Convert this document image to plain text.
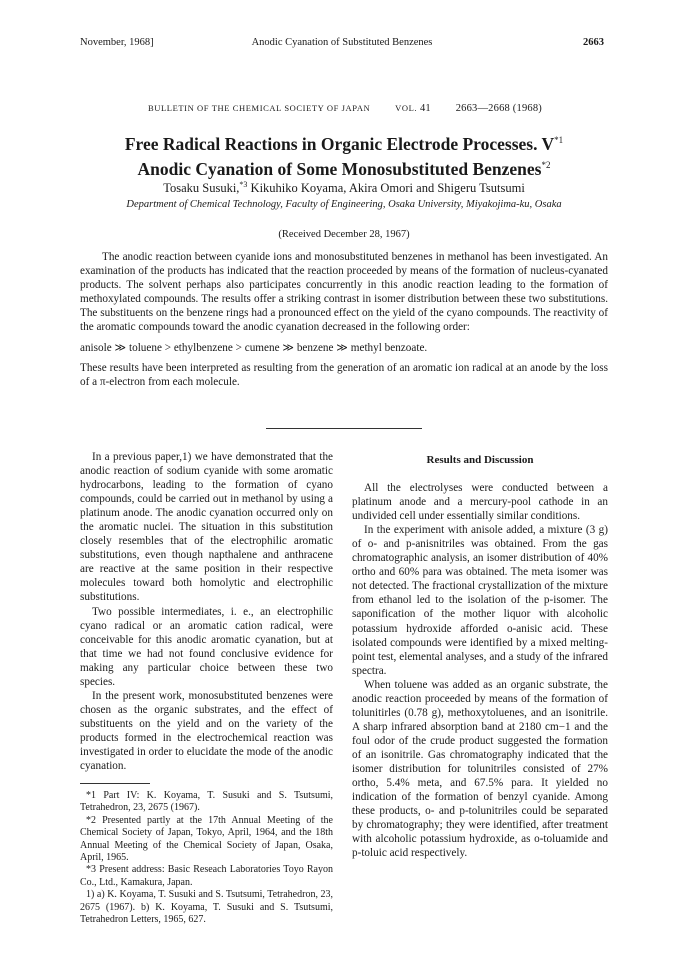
November, 1968]	Anodic Cyanation of Substituted Benzenes	2663
BULLETIN OF THE CHEMICAL SOCIETY OF JAPAN	VOL. 41 2663—2668 (1968)
Free Radical Reactions in Organic Electrode Processes. $V^{*1}$
Anodic Cyanation of Some Monosubstituted Benzenes$^{*2}$
Tosaku Susuki,$^{*3}$ Kikuhiko Koyama, Akira Omori and Shigeru Tsutsumi
Department of Chemical Technology, Faculty of Engineering, Osaka University, Miyakojima-ku, Osaka
(Received December 28, 1967)

The anodic reaction between cyanide ions and monosubstituted benzenes in methanol has been investigated. An examination of the products has indicated that the reaction proceeded by means of the formation of nucleus-cyanated products. The solvent perhaps also participates concurrently in this anodic reaction leading to the formation of methoxylated compounds. The results offer a striking contrast in isomer distribution between these two substitutions. The substituents on the benzene rings had a pronounced effect on the yield of the cyano compounds. The reactivity of the aromatic compounds toward the anodic cyanation decreased in the following order:

anisole ≫ toluene > ethylbenzene > cumene ≫ benzene ≫ methyl benzoate.

These results have been interpreted as resulting from the generation of an aromatic ion radical at an anode by the loss of a π-electron from each molecule.

In a previous paper,1) we have demonstrated that the anodic reaction of sodium cyanide with some aromatic hydrocarbons, leading to the formation of cyano compounds, could be carried out in methanol by using a platinum anode. The anodic cyanation occurred only on the aromatic nuclei. The situation in this substitution closely resembles that of the electrophilic aromatic substitutions, even though napthalene and anthracene are reactive at the same position in their respective molecules toward both homolytic and electrophilic substitutions.

Two possible intermediates, i. e., an electrophilic cyano radical or an aromatic cation radical, were conceivable for this anodic aromatic cyanation, but at that time we had not found conclusive evidence for making any particular choice between these two species.

In the present work, monosubstituted benzenes were chosen as the organic substrates, and the effect of substituents on the yield and on the variety of the products formed in the electrochemical reaction was investigated in order to elucidate the mode of the anodic cyanation.

*1 Part IV: K. Koyama, T. Susuki and S. Tsutsumi, Tetrahedron, 23, 2675 (1967).

*2 Presented partly at the 17th Annual Meeting of the Chemical Society of Japan, Tokyo, April, 1964, and the 18th Annual Meeting of the Chemical Society of Japan, Osaka, April, 1965.

*3 Present address: Basic Reseach Laboratories Toyo Rayon Co., Ltd., Kamakura, Japan.

1) a) K. Koyama, T. Susuki and S. Tsutsumi, Tetrahedron, 23, 2675 (1967). b) K. Koyama, T. Susuki and S. Tsutsumi, Tetrahedron Letters, 1965, 627.

Results and Discussion

All the electrolyses were conducted between a platinum anode and a mercury-pool cathode in an undivided cell under essentially similar conditions.

In the experiment with anisole added, a mixture (3 g) of o- and p-anisnitriles was obtained. From the gas chromatographic analysis, an isomer distribution of 40% ortho and 60% para was obtained. The meta isomer was not detected. The fractional crystallization of the mixture from ethanol led to the isolation of the p-isomer. The saponification of the mother liquor with alcoholic potassium hydroxide afforded o-anisic acid. These isolated compounds were identified by a mixed melting-point test, elemental analyses, and a study of the infrared spectra.

When toluene was added as an organic substrate, the anodic reaction proceeded by means of the formation of tolunitirles (0.78 g), methoxytoluenes, and an isonitrile. A sharp infrared absorption band at 2180 cm−1 and the foul odor of the crude product suggested the formation of an isonitrile. Gas chromatography indicated that the isomer distribution for tolunitriles consisted of 27% ortho, 5.4% meta, and 67.5% para. It yielded no indication of the formation of benzyl cyanide. Among these products, o- and p-tolunitriles could be separated by chromatography; they were identified, after treatment with alcoholic potassium hydroxide, as o-toluamide and p-toluic acid respectively.
